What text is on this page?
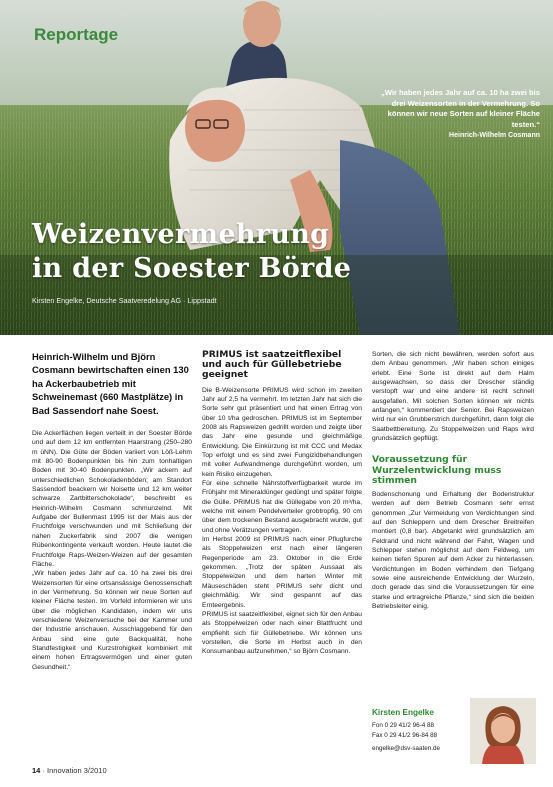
Reportage
„Wir haben jedes Jahr auf ca. 10 ha zwei bis drei Weizensorten in der Vermehrung. So können wir neue Sorten auf kleiner Fläche testen.“
Heinrich-Wilhelm Cosmann
Weizenvermehrung
in der Soester Börde
Kirsten Engelke, Deutsche Saatveredelung AG · Lippstadt

Heinrich-Wilhelm und Björn Cosmann bewirtschaften einen 130 ha Ackerbaubetrieb mit Schweinemast (660 Mastplätze) in Bad Sassendorf nahe Soest.

Die Ackerflächen liegen verteilt in der Soester Börde und auf dem 12 km entfernten Haarstrang (250–280 m üNN). Die Güte der Böden variiert von Löß-Lehm mit 80-90 Bodenpunkten bis hin zum tonhaltigen Boden mit 30-40 Bodenpunkten. „Wir ackern auf unterschiedlichen Schokoladenböden; am Standort Sassendorf beackern wir Noisette und 12 km weiter schwarze Zartbitterschokolade“, beschreibt es Heinrich-Wilhelm Cosmann schmunzelnd. Mit Aufgabe der Bullenmast 1995 ist der Mais aus der Fruchtfolge verschwunden und mit Schließung der nahen Zuckerfabrik sind 2007 die wenigen Rübenkontingente verkauft worden. Heute lautet die Fruchtfolge Raps-Weizen-Weizen auf der gesamten Fläche.

„Wir haben jedes Jahr auf ca. 10 ha zwei bis drei Weizensorten für eine ortsansässige Genossenschaft in der Vermehrung. So können wir neue Sorten auf kleiner Fläche testen. Im Vorfeld informieren wir uns über die möglichen Kandidaten, indem wir uns verschiedene Weizenversuche bei der Kammer und der Industrie anschauen. Ausschlaggebend für den Anbau sind eine gute Backqualität, hohe Standfestigkeit und Kurzstrohigkeit kombiniert mit einem hohen Ertragsvermögen und einer guten Gesundheit.“

PRIMUS ist saatzeitflexibel und auch für Güllebetriebe geeignet

Die B-Weizensorte PRIMUS wird schon im zweiten Jahr auf 2,5 ha vermehrt. Im letzten Jahr hat sich die Sorte sehr gut präsentiert und hat einen Ertrag von über 10 t/ha gedroschen. PRIMUS ist im September 2008 als Rapsweizen gedrillt worden und zeigte über das Jahr eine gesunde und gleichmäßige Entwicklung. Die Einkürzung ist mit CCC und Medax Top erfolgt und es sind zwei Fungizidbehandlungen mit voller Aufwandmenge durchgeführt worden, um kein Risiko einzugehen.

Für eine schnelle Nährstoffverfügbarkeit wurde im Frühjahr mit Mineraldünger gedüngt und später folgte die Gülle. PRIMUS hat die Güllegabe von 20 m³/ha, welche mit einem Pendelverteiler grobtropfig, 90 cm über dem trockenen Bestand ausgebracht wurde, gut und ohne Verätzungen vertragen.

Im Herbst 2009 ist PRIMUS nach einer Pflugfurche als Stoppelweizen erst nach einer längeren Regenperiode am 23. Oktober in die Erde gekommen. „Trotz der späten Aussaat als Stoppelweizen und dem harten Winter mit Mäuseschäden steht PRIMUS sehr dicht und gleichmäßig. Wir sind gespannt auf das Ernteergebnis.

PRIMUS ist saatzeitflexibel, eignet sich für den Anbau als Stoppelweizen oder nach einer Blattfrucht und empfiehlt sich für Güllebetriebe. Wir können uns vorstellen, die Sorte im Herbst auch in den Konsumanbau aufzunehmen,“ so Björn Cosmann.

Sorten, die sich nicht bewähren, werden sofort aus dem Anbau genommen. „Wir haben schon einiges erlebt. Eine Sorte ist direkt auf dem Halm ausgewachsen, so dass der Drescher ständig verstopft war und eine andere ist recht schnell ausgefallen. Mit solchen Sorten können wir nichts anfangen,“ kommentiert der Senior. Bei Rapsweizen wird nur ein Grubberstrich durchgeführt, dann folgt die Saatbettbereitung. Zu Stoppelweizen und Raps wird grundsätzlich gepflügt.

Voraussetzung für Wurzelentwicklung muss stimmen

Bodenschonung und Erhaltung der Bodenstruktur werden auf dem Betrieb Cosmann sehr ernst genommen „Zur Vermeidung von Verdichtungen sind auf den Schleppern und dem Drescher Breitreifen montiert (0,8 bar). Abgetankt wird grundsätzlich am Feldrand und nicht während der Fahrt, Wagen und Schlepper stehen möglichst auf dem Feldweg, um keinen tiefen Spuren auf dem Acker zu hinterlassen. Verdichtungen im Boden verhindern den Tiefgang sowie eine ausreichende Entwicklung der Wurzeln, doch gerade das sind die Voraussetzungen für eine starke und ertragreiche Pflanze,“ sind sich die beiden Betriebsleiter einig.

Kirsten Engelke
Fon 0 29 41/2 96-4 88
Fax 0 29 41/2 96-84 88
engelke@dsv-saaten.de
14 · Innovation 3/2010
